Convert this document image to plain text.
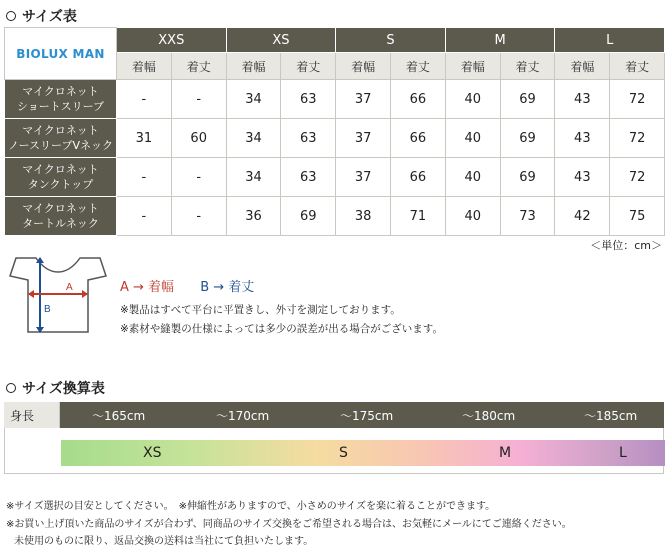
サイズ表
BIOLUX MAN	XXS		XS		S		M		L	
	着幅	着丈	着幅	着丈	着幅	着丈	着幅	着丈	着幅	着丈

マイクロネット
ショートスリーブ	-	-	34	63	37	66	40	69	43	72

マイクロネット
ノースリーブVネック	31	60	34	63	37	66	40	69	43	72

マイクロネット
タンクトップ	-	-	34	63	37	66	40	69	43	72

マイクロネット
タートルネック	-	-	36	69	38	71	40	73	42	75
＜単位：cm＞
A
B
A → 着幅 B → 着丈
※製品はすべて平台に平置きし、外寸を測定しております。
※素材や縫製の仕様によっては多少の誤差が出る場合がございます。
サイズ換算表
身長	～165cm	～170cm	～175cm	～180cm	～185cm
XS	S	M	L
※サイズ選択の目安としてください。　※伸縮性がありますので、小さめのサイズを楽に着ることができます。
※お買い上げ頂いた商品のサイズが合わず、同商品のサイズ交換をご希望される場合は、お気軽にメールにてご連絡ください。
未使用のものに限り、返品交換の送料は当社にて負担いたします。
